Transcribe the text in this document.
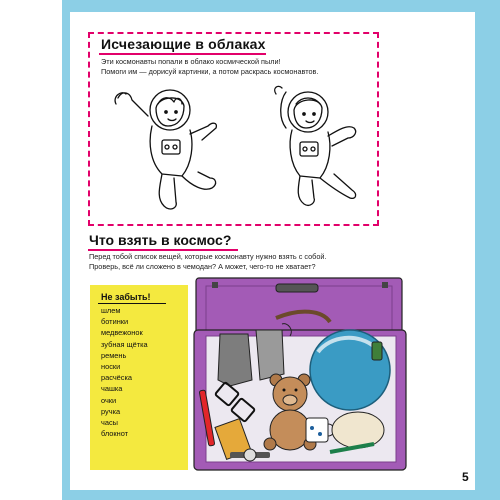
Исчезающие в облаках
Эти космонавты попали в облако космической пыли!
Помоги им — дорисуй картинки, а потом раскрась космонавтов.
Что взять в космос?
Перед тобой список вещей, которые космонавту нужно взять с собой.
Проверь, всё ли сложено в чемодан? А может, чего-то не хватает?
Не забыть!
шлем
ботинки
медвежонок
зубная щётка
ремень
носки
расчёска
чашка
очки
ручка
часы
блокнот
5
